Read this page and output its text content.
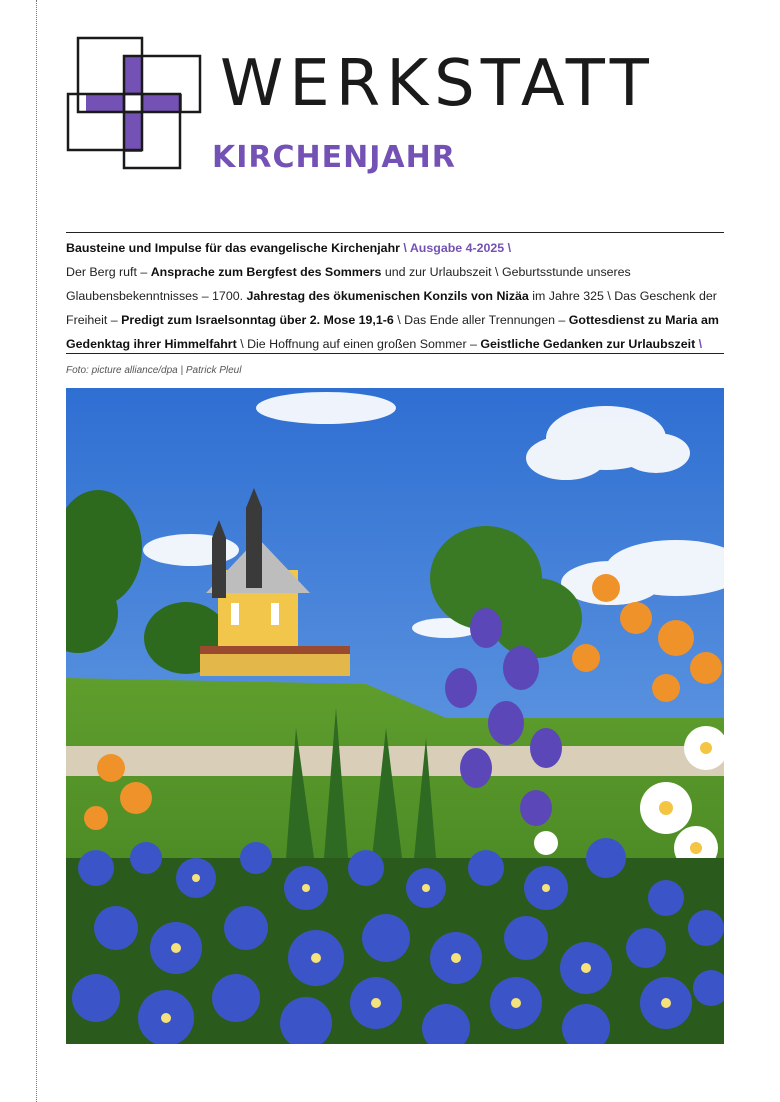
WERKSTATT
KIRCHENJAHR

Bausteine und Impulse für das evangelische Kirchenjahr \ Ausgabe 4-2025 \
Der Berg ruft – Ansprache zum Bergfest des Sommers und zur Urlaubszeit \ Geburtsstunde unseres Glaubensbekenntnisses – 1700. Jahrestag des ökumenischen Konzils von Nizäa im Jahre 325 \ Das Geschenk der Freiheit – Predigt zum Israelsonntag über 2. Mose 19,1-6 \ Das Ende aller Trennungen – Gottesdienst zu Maria am Gedenktag ihrer Himmelfahrt \ Die Hoffnung auf einen großen Sommer – Geistliche Gedanken zur Urlaubszeit \

Foto: picture alliance/dpa | Patrick Pleul
